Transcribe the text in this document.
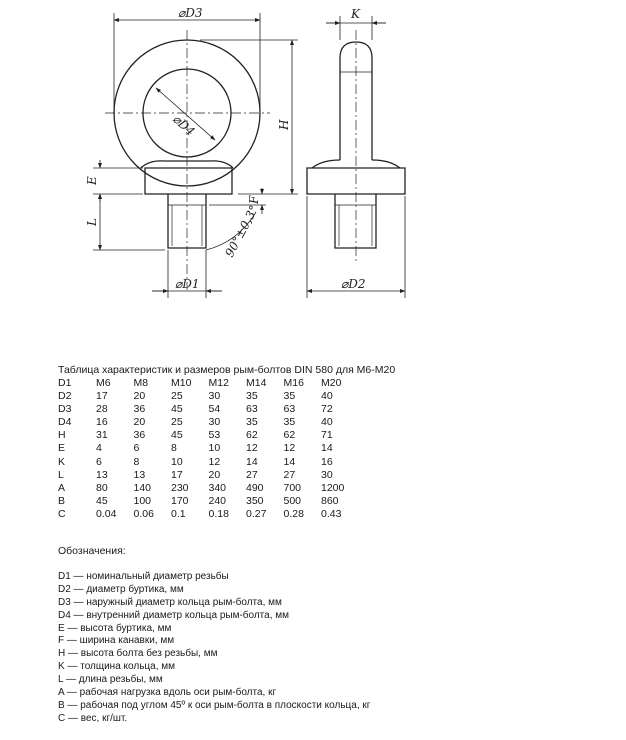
⌀D3
⌀D4	H
E
L
F
90°±0,3°
⌀D1
K
⌀D2
Таблица характеристик и размеров рым-болтов DIN 580 для М6-М20
D1	M6	M8	M10	M12	M14	M16	M20
D2	17	20	25	30	35	35	40
D3	28	36	45	54	63	63	72
D4	16	20	25	30	35	35	40
H	31	36	45	53	62	62	71
E	4	6	8	10	12	12	14
K	6	8	10	12	14	14	16
L	13	13	17	20	27	27	30
A	80	140	230	340	490	700	1200
B	45	100	170	240	350	500	860
C	0.04	0.06	0.1	0.18	0.27	0.28	0.43
Обозначения:
D1 — номинальный диаметр резьбы
D2 — диаметр буртика, мм
D3 — наружный диаметр кольца рым-болта, мм
D4 — внутренний диаметр кольца рым-болта, мм
E — высота буртика, мм
F — ширина канавки, мм
H — высота болта без резьбы, мм
K — толщина кольца, мм
L — длина резьбы, мм
A — рабочая нагрузка вдоль оси рым-болта, кг
B — рабочая под углом 45º к оси рым-болта в плоскости кольца, кг
C — вес, кг/шт.
